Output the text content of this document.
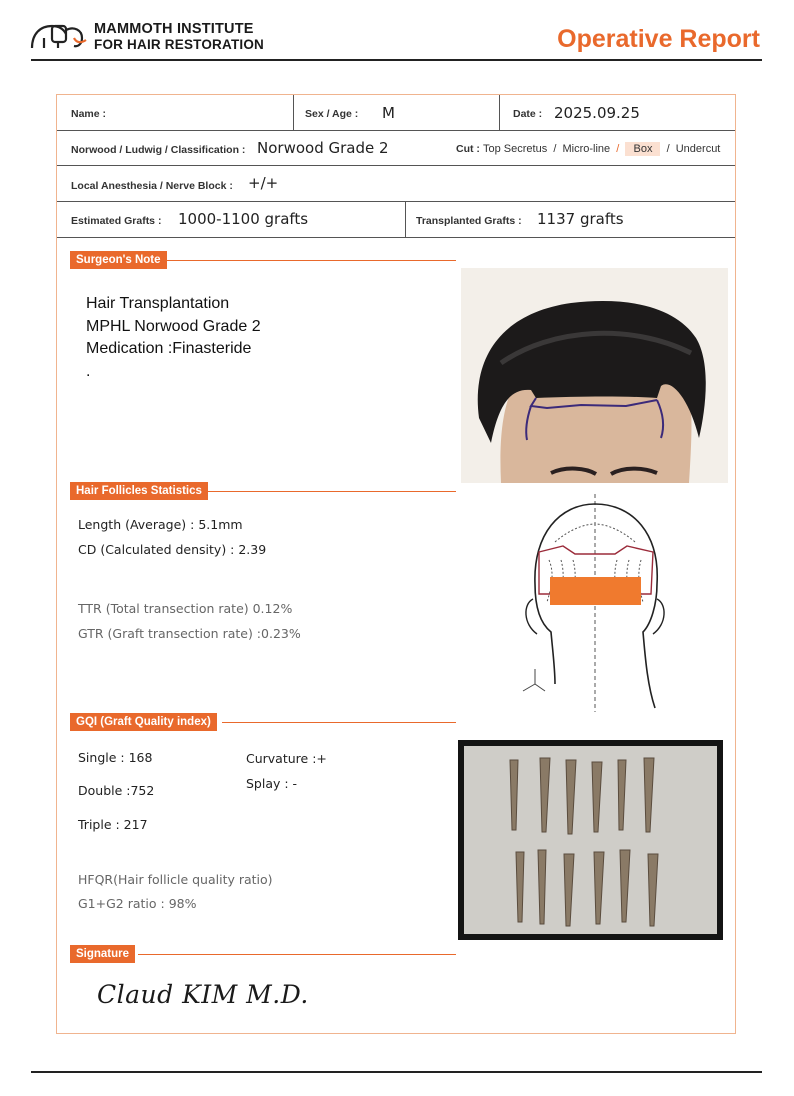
MAMMOTH INSTITUTE
FOR HAIR RESTORATION	Operative Report
Name :	Sex / Age : M	Date : 2025.09.25
Norwood / Ludwig / Classification : Norwood Grade 2	Cut : Top Secretus  /  Micro-line / Box  /  Undercut
Local Anesthesia / Nerve Block : +/+
Estimated Grafts : 1000-1100 grafts	Transplanted Grafts : 1137 grafts
Surgeon's Note
Hair Transplantation
MPHL Norwood Grade 2
Medication :Finasteride
.
Hair Follicles Statistics
Length (Average) : 5.1mm
CD (Calculated density) : 2.39
TTR (Total transection rate) 0.12%
GTR (Graft transection rate) :0.23%
GQI (Graft Quality index)
Single : 168
Double :752
Triple : 217
Curvature :+
Splay : -
HFQR(Hair follicle quality ratio)
G1+G2 ratio : 98%
Signature
Claud KIM M.D.
